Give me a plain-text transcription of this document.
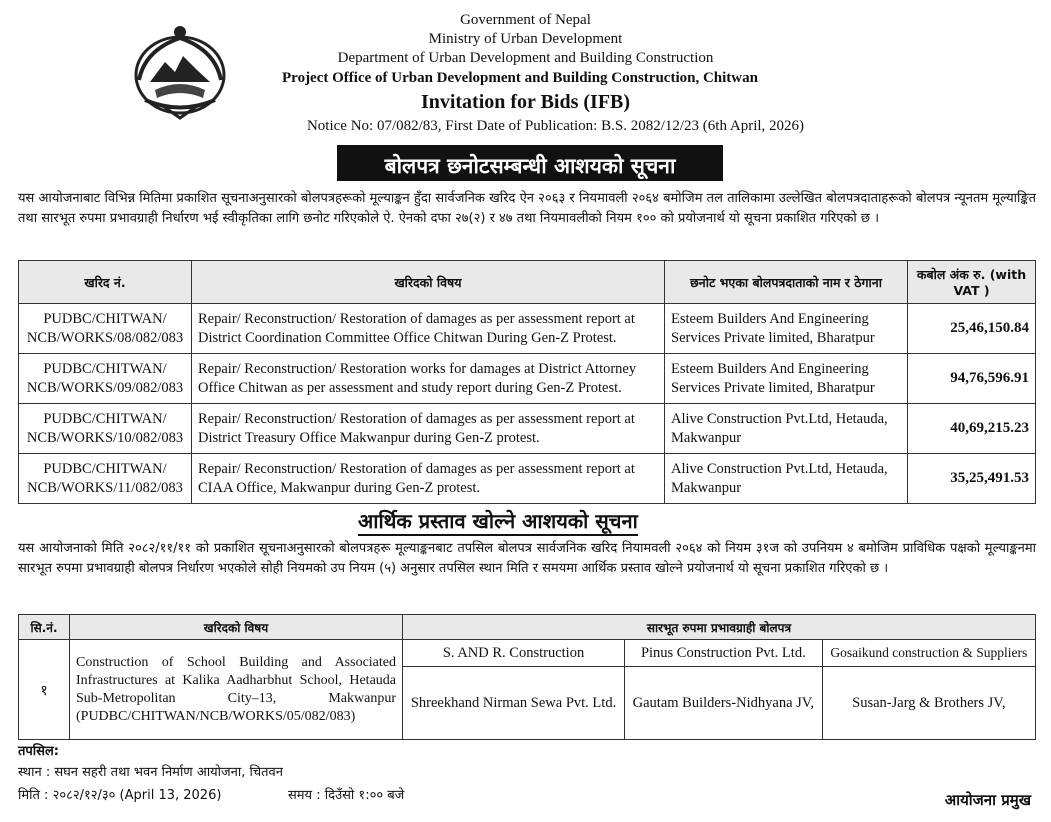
Government of Nepal
Ministry of Urban Development
Department of Urban Development and Building Construction
Project Office of Urban Development and Building Construction, Chitwan
Invitation for Bids (IFB)
Notice No: 07/082/83, First Date of Publication: B.S. 2082/12/23 (6th April, 2026)
बोलपत्र छनोटसम्बन्धी आशयको सूचना
यस आयोजनाबाट विभिन्न मितिमा प्रकाशित सूचनाअनुसारको बोलपत्रहरूको मूल्याङ्कन हुँदा सार्वजनिक खरिद ऐन २०६३ र नियमावली २०६४ बमोजिम तल तालिकामा उल्लेखित बोलपत्रदाताहरूको बोलपत्र न्यूनतम मूल्याङ्कित तथा सारभूत रुपमा प्रभावग्राही निर्धारण भई स्वीकृतिका लागि छनोट गरिएकोले ऐ. ऐनको दफा २७(२) र ४७ तथा नियमावलीको नियम १०० को प्रयोजनार्थ यो सूचना प्रकाशित गरिएको छ ।
खरिद नं.	खरिदको विषय	छनोट भएका बोलपत्रदाताको नाम र ठेगाना	कबोल अंक रु. (with VAT )
PUDBC/CHITWAN/ NCB/WORKS/08/082/083	Repair/ Reconstruction/ Restoration of damages as per assessment report at District Coordination Committee Office Chitwan During Gen-Z Protest.	Esteem Builders And Engineering Services Private limited, Bharatpur	25,46,150.84
PUDBC/CHITWAN/ NCB/WORKS/09/082/083	Repair/ Reconstruction/ Restoration works for damages at District Attorney Office Chitwan as per assessment and study report during Gen-Z Protest.	Esteem Builders And Engineering Services Private limited, Bharatpur	94,76,596.91
PUDBC/CHITWAN/ NCB/WORKS/10/082/083	Repair/ Reconstruction/ Restoration of damages as per assessment report at District Treasury Office Makwanpur during Gen-Z protest.	Alive Construction Pvt.Ltd, Hetauda, Makwanpur	40,69,215.23
PUDBC/CHITWAN/ NCB/WORKS/11/082/083	Repair/ Reconstruction/ Restoration of damages as per assessment report at CIAA Office, Makwanpur during Gen-Z protest.	Alive Construction Pvt.Ltd, Hetauda, Makwanpur	35,25,491.53
आर्थिक प्रस्ताव खोल्ने आशयको सूचना
यस आयोजनाको मिति २०८२/११/११ को प्रकाशित सूचनाअनुसारको बोलपत्रहरू मूल्याङ्कनबाट तपसिल बोलपत्र सार्वजनिक खरिद नियामवली २०६४ को नियम ३१ज को उपनियम ४ बमोजिम प्राविधिक पक्षको मूल्याङ्कनमा सारभूत रुपमा प्रभावग्राही बोलपत्र निर्धारण भएकोले सोही नियमको उप नियम (५) अनुसार तपसिल स्थान मिति र समयमा आर्थिक प्रस्ताव खोल्ने प्रयोजनार्थ यो सूचना प्रकाशित गरिएको छ ।
सि.नं.	खरिदको विषय	सारभूत रुपमा प्रभावग्राही बोलपत्र		
१	Construction of School Building and Associated Infrastructures at Kalika Aadharbhut School, Hetauda Sub-Metropolitan City–13, Makwanpur (PUDBC/CHITWAN/NCB/WORKS/05/082/083)	S. AND R. Construction	Pinus Construction Pvt. Ltd.	Gosaikund construction & Suppliers
		Shreekhand Nirman Sewa Pvt. Ltd.	Gautam Builders-Nidhyana JV,	Susan-Jarg & Brothers JV,
तपसिल:
स्थान : सघन सहरी तथा भवन निर्माण आयोजना, चितवन
मिति : २०८२/१२/३० (April 13, 2026)	समय : दिउँसो १:०० बजे	आयोजना प्रमुख
